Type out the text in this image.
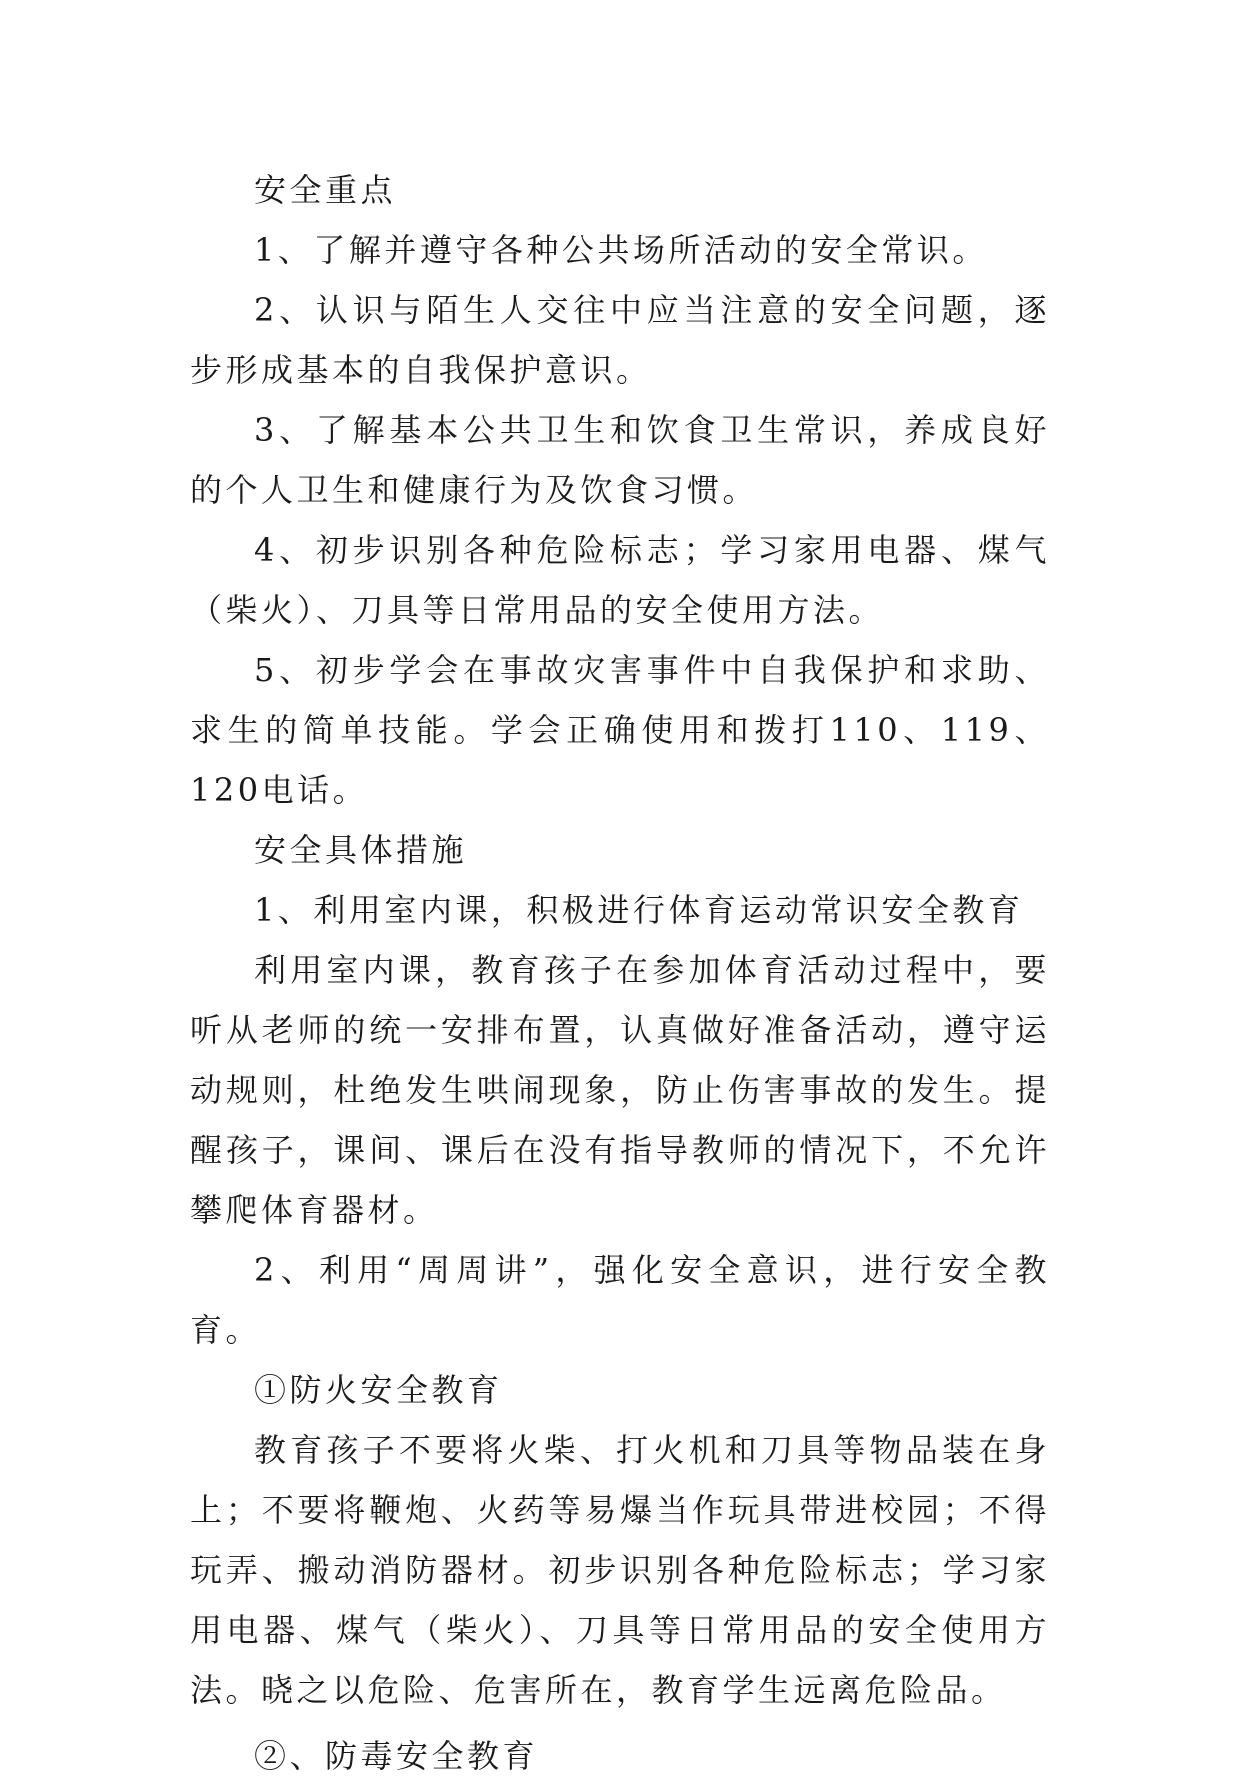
安全重点

1、了解并遵守各种公共场所活动的安全常识。

2、认识与陌生人交往中应当注意的安全问题，逐步形成基本的自我保护意识。

3、了解基本公共卫生和饮食卫生常识，养成良好的个人卫生和健康行为及饮食习惯。

4、初步识别各种危险标志；学习家用电器、煤气（柴火）、刀具等日常用品的安全使用方法。

5、初步学会在事故灾害事件中自我保护和求助、求生的简单技能。学会正确使用和拨打110、119、120电话。

安全具体措施

1、利用室内课，积极进行体育运动常识安全教育

利用室内课，教育孩子在参加体育活动过程中，要听从老师的统一安排布置，认真做好准备活动，遵守运动规则，杜绝发生哄闹现象，防止伤害事故的发生。提醒孩子，课间、课后在没有指导教师的情况下，不允许攀爬体育器材。

2、利用“周周讲”，强化安全意识，进行安全教育。

①防火安全教育

教育孩子不要将火柴、打火机和刀具等物品装在身上；不要将鞭炮、火药等易爆当作玩具带进校园；不得玩弄、搬动消防器材。初步识别各种危险标志；学习家用电器、煤气（柴火）、刀具等日常用品的安全使用方法。晓之以危险、危害所在，教育学生远离危险品。

②、防毒安全教育
